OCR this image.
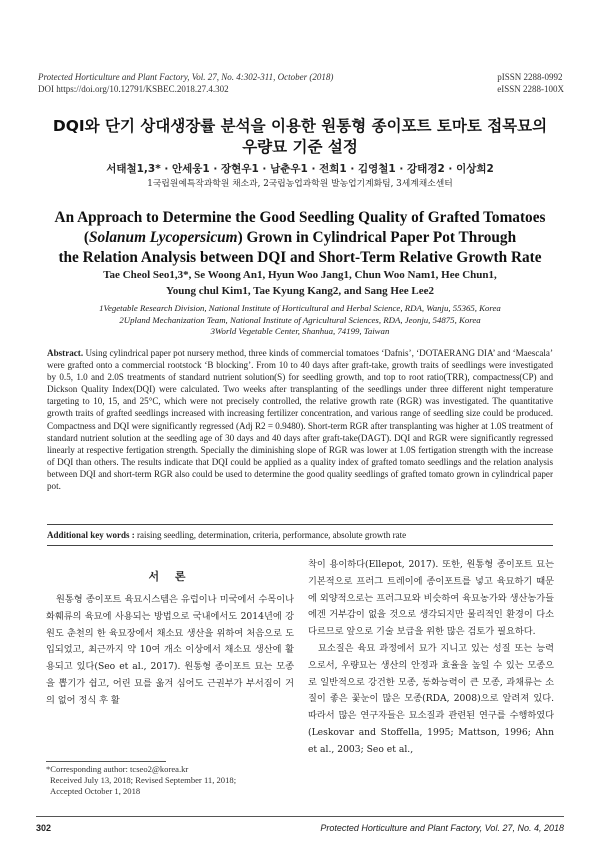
Protected Horticulture and Plant Factory, Vol. 27, No. 4:302-311, October (2018)
DOI https://doi.org/10.12791/KSBEC.2018.27.4.302
pISSN 2288-0992
eISSN 2288-100X
DQI와 단기 상대생장률 분석을 이용한 원통형 종이포트 토마토 접목묘의
우량묘 기준 설정
서태철1,3* · 안세웅1 · 장현우1 · 남춘우1 · 전희1 · 김영철1 · 강태경2 · 이상희2
1국립원예특작과학원 채소과, 2국립농업과학원 발농업기계화팀, 3세계채소센터
An Approach to Determine the Good Seedling Quality of Grafted Tomatoes
(Solanum Lycopersicum) Grown in Cylindrical Paper Pot Through
the Relation Analysis between DQI and Short-Term Relative Growth Rate
Tae Cheol Seo1,3*, Se Woong An1, Hyun Woo Jang1, Chun Woo Nam1, Hee Chun1,
Young chul Kim1, Tae Kyung Kang2, and Sang Hee Lee2
1Vegetable Research Division, National Institute of Horticultural and Herbal Science, RDA, Wanju, 55365, Korea
2Upland Mechanization Team, National Institute of Agricultural Sciences, RDA, Jeonju, 54875, Korea
3World Vegetable Center, Shanhua, 74199, Taiwan
Abstract. Using cylindrical paper pot nursery method, three kinds of commercial tomatoes ‘Dafnis’, ‘DOTAERANG DIA’ and ‘Maescala’ were grafted onto a commercial rootstock ‘B blocking’. From 10 to 40 days after graft-take, growth traits of seedlings were investigated by 0.5, 1.0 and 2.0S treatments of standard nutrient solution(S) for seedling growth, and top to root ratio(TRR), compactness(CP) and Dickson Quality Index(DQI) were calculated. Two weeks after transplanting of the seedlings under three different night temperature targeting to 10, 15, and 25°C, which were not precisely controlled, the relative growth rate (RGR) was investigated. The quantitative growth traits of grafted seedlings increased with increasing fertilizer concentration, and various range of seedling size could be produced. Compactness and DQI were significantly regressed (Adj R2 = 0.9480). Short-term RGR after transplanting was higher at 1.0S treatment of standard nutrient solution at the seedling age of 30 days and 40 days after graft-take(DAGT). DQI and RGR were significantly regressed linearly at respective fertigation strength. Specially the diminishing slope of RGR was lower at 1.0S fertigation strength with the increase of DQI than others. The results indicate that DQI could be applied as a quality index of grafted tomato seedlings and the relation analysis between DQI and short-term RGR also could be used to determine the good quality seedlings of grafted tomato grown in cylindrical paper pot.
Additional key words : raising seedling, determination, criteria, performance, absolute growth rate
서 론

원통형 종이포트 육묘시스템은 유럽이나 미국에서 수목이나 화훼류의 육묘에 사용되는 방법으로 국내에서도 2014년에 강원도 춘천의 한 육묘장에서 채소묘 생산을 위하여 처음으로 도입되었고, 최근까지 약 10여 개소 이상에서 채소묘 생산에 활용되고 있다(Seo et al., 2017). 원통형 종이포트 묘는 모종을 뽑기가 쉽고, 어린 묘를 옮겨 심어도 근권부가 부서짐이 거의 없어 정식 후 활

착이 용이하다(Ellepot, 2017). 또한, 원통형 종이포트 묘는 기본적으로 프러그 트레이에 종이포트를 넣고 육묘하기 때문에 외양적으로는 프러그묘와 비슷하여 육묘농가와 생산농가들에겐 거부감이 없을 것으로 생각되지만 물리적인 환경이 다소 다르므로 앞으로 기술 보급을 위한 많은 검토가 필요하다.

묘소질은 육묘 과정에서 묘가 지니고 있는 성질 또는 능력으로서, 우량묘는 생산의 안정과 효율을 높일 수 있는 모종으로 일반적으로 강건한 모종, 동화능력이 큰 모종, 과채류는 소질이 좋은 꽃눈이 많은 모종(RDA, 2008)으로 알려져 있다. 따라서 많은 연구자들은 묘소질과 관련된 연구를 수행하였다(Leskovar and Stoffella, 1995; Mattson, 1996; Ahn et al., 2003; Seo et al.,

*Corresponding author: tcseo2@korea.kr
Received July 13, 2018; Revised September 11, 2018;
Accepted October 1, 2018
302	Protected Horticulture and Plant Factory, Vol. 27, No. 4, 2018
